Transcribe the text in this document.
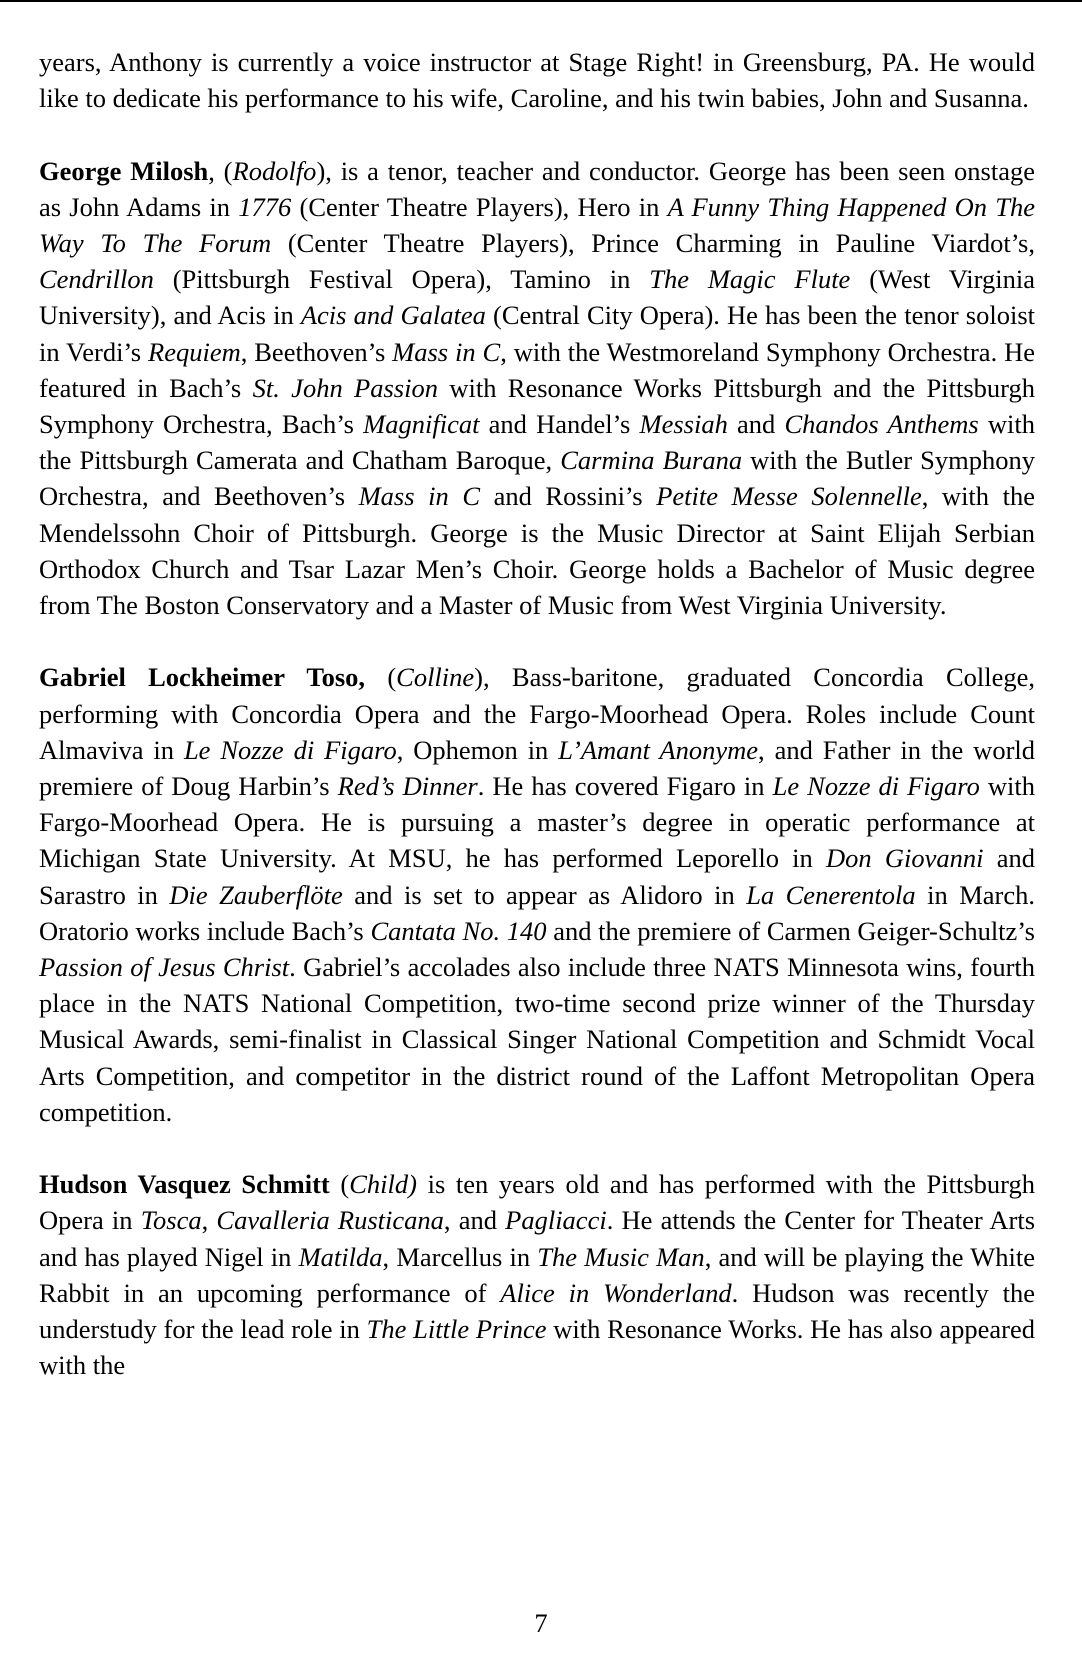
years, Anthony is currently a voice instructor at Stage Right! in Greensburg, PA. He would like to dedicate his performance to his wife, Caroline, and his twin babies, John and Susanna.

George Milosh, (Rodolfo), is a tenor, teacher and conductor. George has been seen onstage as John Adams in 1776 (Center Theatre Players), Hero in A Funny Thing Happened On The Way To The Forum (Center Theatre Players), Prince Charming in Pauline Viardot’s, Cendrillon (Pittsburgh Festival Opera), Tamino in The Magic Flute (West Virginia University), and Acis in Acis and Galatea (Central City Opera). He has been the tenor soloist in Verdi’s Requiem, Beethoven’s Mass in C, with the Westmoreland Symphony Orchestra. He featured in Bach’s St. John Passion with Resonance Works Pittsburgh and the Pittsburgh Symphony Orchestra, Bach’s Magnificat and Handel’s Messiah and Chandos Anthems with the Pittsburgh Camerata and Chatham Baroque, Carmina Burana with the Butler Symphony Orchestra, and Beethoven’s Mass in C and Rossini’s Petite Messe Solennelle, with the Mendelssohn Choir of Pittsburgh. George is the Music Director at Saint Elijah Serbian Orthodox Church and Tsar Lazar Men’s Choir. George holds a Bachelor of Music degree from The Boston Conservatory and a Master of Music from West Virginia University.

Gabriel Lockheimer Toso, (Colline), Bass-baritone, graduated Concordia College, performing with Concordia Opera and the Fargo-Moorhead Opera. Roles include Count Almaviva in Le Nozze di Figaro, Ophemon in L’Amant Anonyme, and Father in the world premiere of Doug Harbin’s Red’s Dinner. He has covered Figaro in Le Nozze di Figaro with Fargo-Moorhead Opera. He is pursuing a master’s degree in operatic performance at Michigan State University. At MSU, he has performed Leporello in Don Giovanni and Sarastro in Die Zauberflöte and is set to appear as Alidoro in La Cenerentola in March. Oratorio works include Bach’s Cantata No. 140 and the premiere of Carmen Geiger-Schultz’s Passion of Jesus Christ. Gabriel’s accolades also include three NATS Minnesota wins, fourth place in the NATS National Competition, two-time second prize winner of the Thursday Musical Awards, semi-finalist in Classical Singer National Competition and Schmidt Vocal Arts Competition, and competitor in the district round of the Laffont Metropolitan Opera competition.

Hudson Vasquez Schmitt (Child) is ten years old and has performed with the Pittsburgh Opera in Tosca, Cavalleria Rusticana, and Pagliacci. He attends the Center for Theater Arts and has played Nigel in Matilda, Marcellus in The Music Man, and will be playing the White Rabbit in an upcoming performance of Alice in Wonderland. Hudson was recently the understudy for the lead role in The Little Prince with Resonance Works. He has also appeared with the

7
